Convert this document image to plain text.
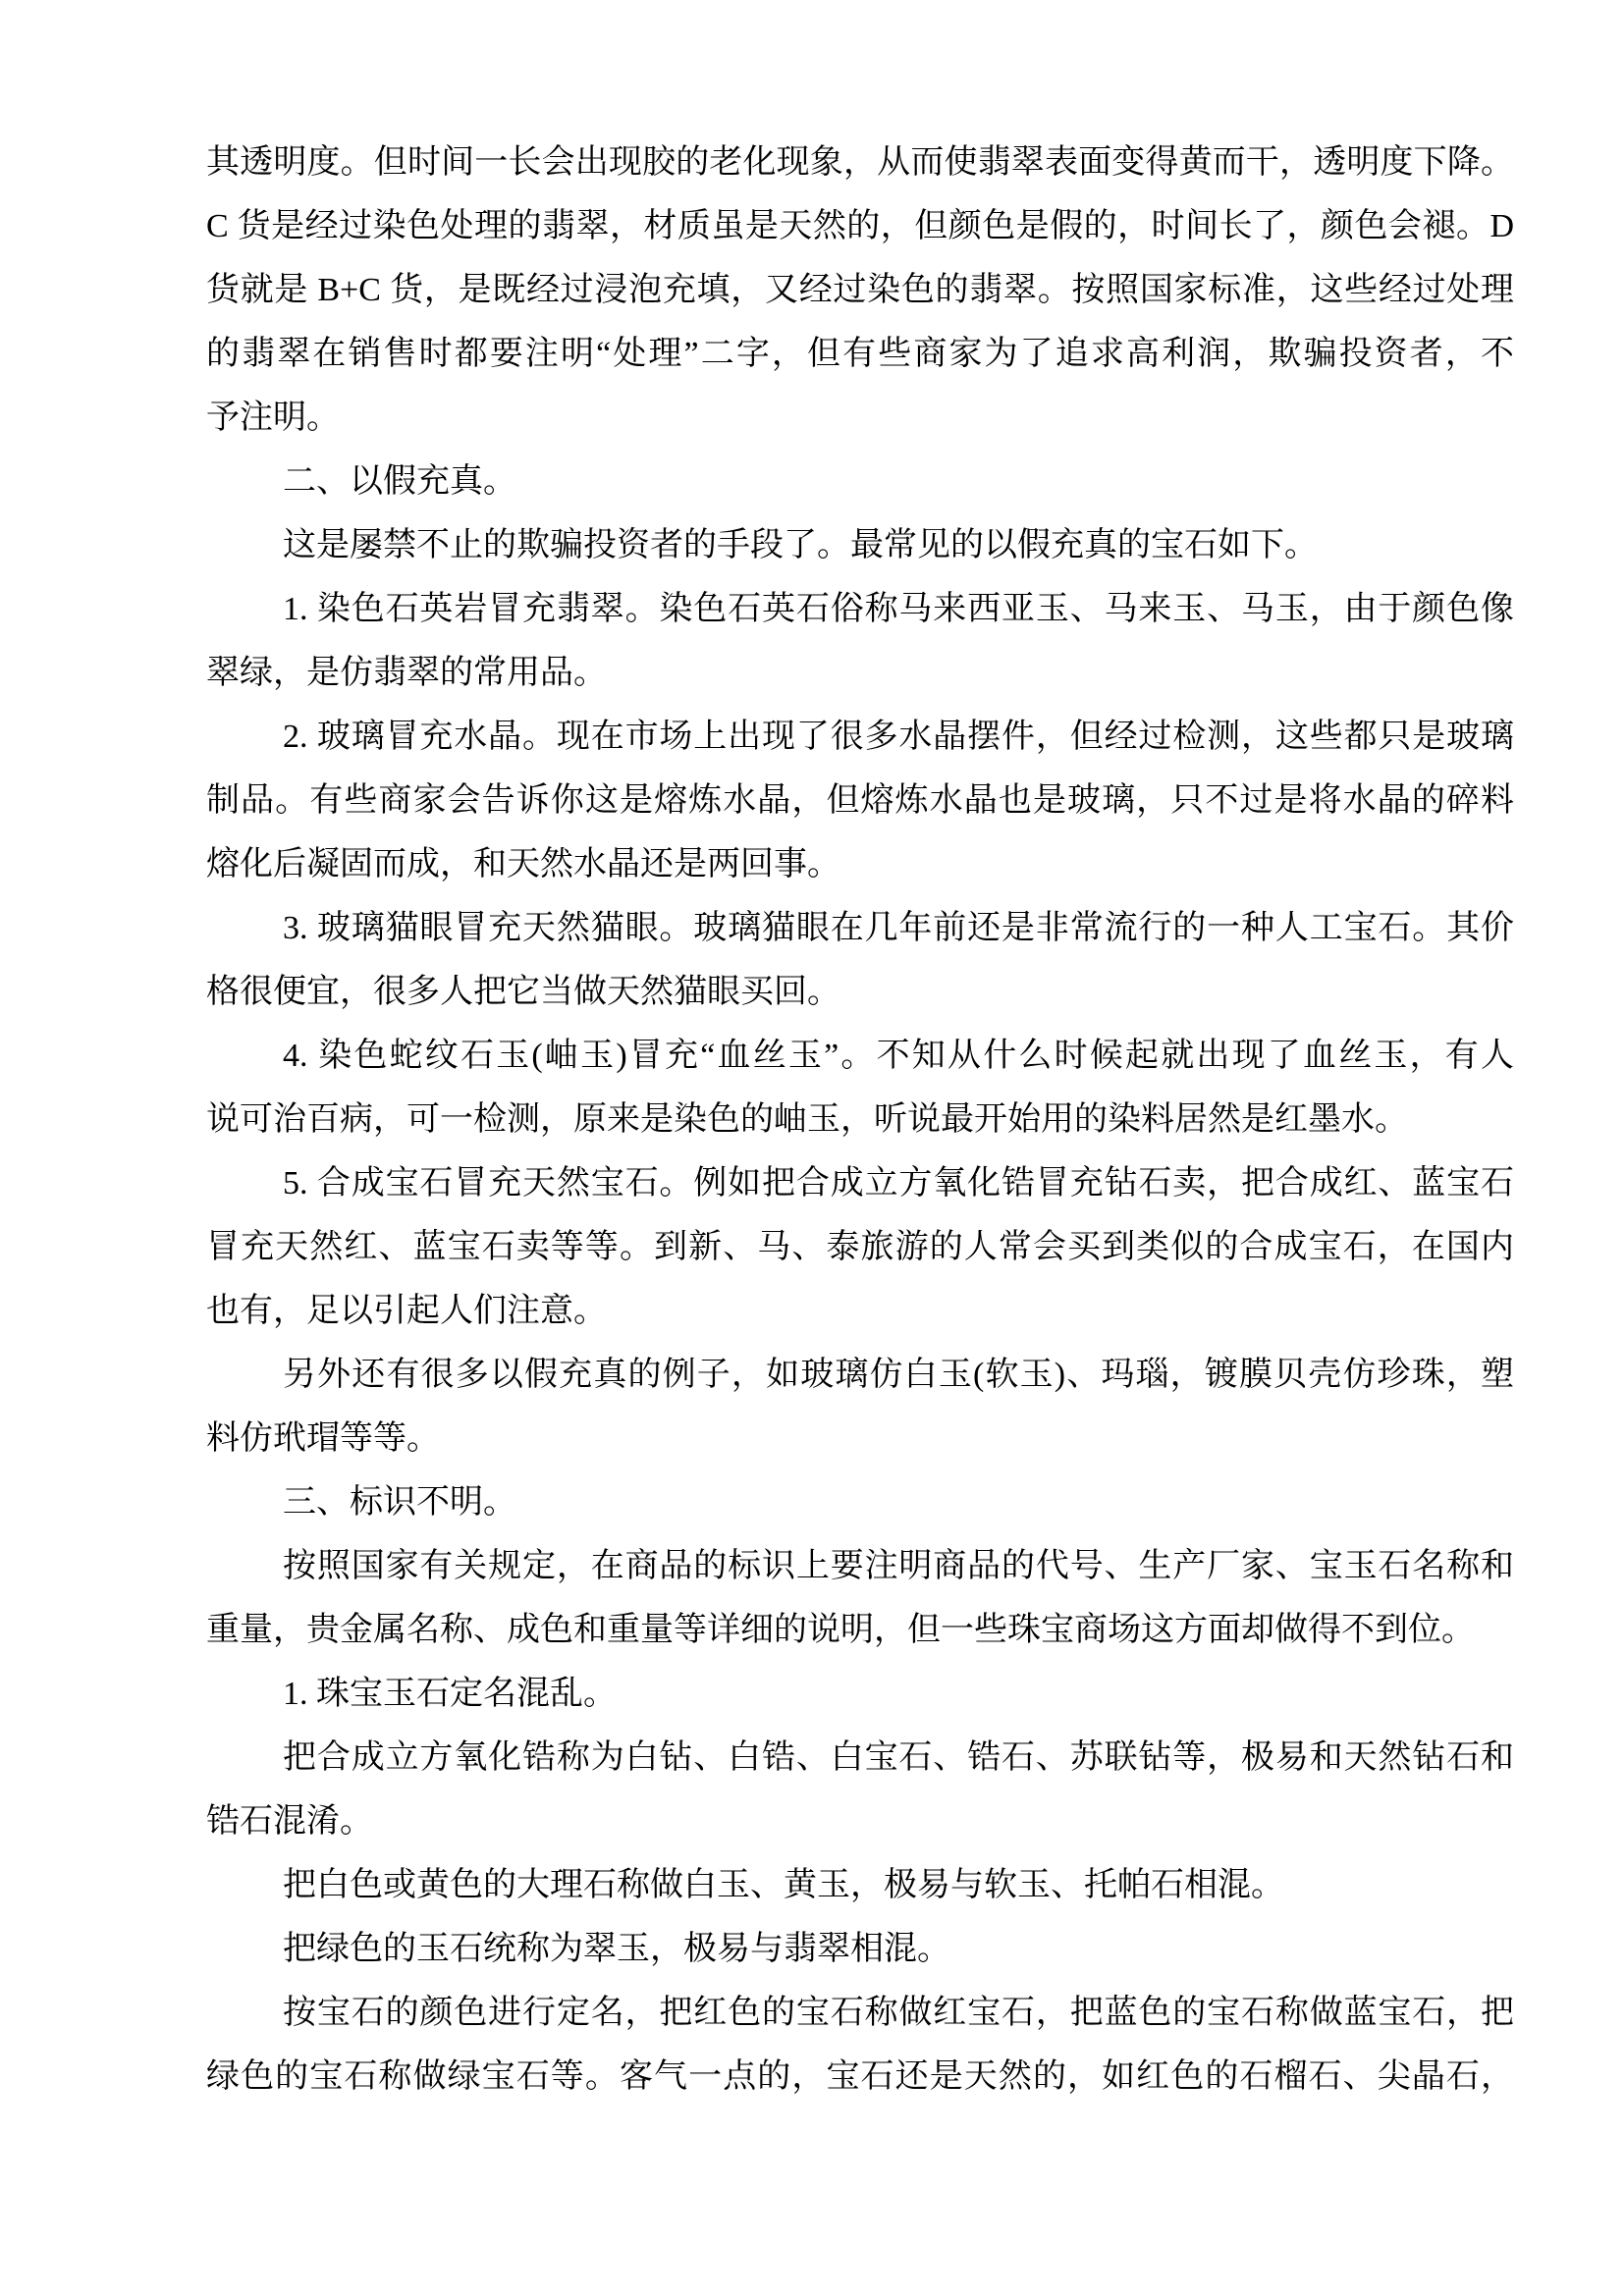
其透明度。但时间一长会出现胶的老化现象，从而使翡翠表面变得黄而干，透明度下降。
C 货是经过染色处理的翡翠，材质虽是天然的，但颜色是假的，时间长了，颜色会褪。D
货就是 B+C 货，是既经过浸泡充填，又经过染色的翡翠。按照国家标准，这些经过处理
的翡翠在销售时都要注明“处理”二字，但有些商家为了追求高利润，欺骗投资者，不
予注明。
二、以假充真。
这是屡禁不止的欺骗投资者的手段了。最常见的以假充真的宝石如下。
1. 染色石英岩冒充翡翠。染色石英石俗称马来西亚玉、马来玉、马玉，由于颜色像
翠绿，是仿翡翠的常用品。
2. 玻璃冒充水晶。现在市场上出现了很多水晶摆件，但经过检测，这些都只是玻璃
制品。有些商家会告诉你这是熔炼水晶，但熔炼水晶也是玻璃，只不过是将水晶的碎料
熔化后凝固而成，和天然水晶还是两回事。
3. 玻璃猫眼冒充天然猫眼。玻璃猫眼在几年前还是非常流行的一种人工宝石。其价
格很便宜，很多人把它当做天然猫眼买回。
4. 染色蛇纹石玉(岫玉)冒充“血丝玉”。不知从什么时候起就出现了血丝玉，有人
说可治百病，可一检测，原来是染色的岫玉，听说最开始用的染料居然是红墨水。
5. 合成宝石冒充天然宝石。例如把合成立方氧化锆冒充钻石卖，把合成红、蓝宝石
冒充天然红、蓝宝石卖等等。到新、马、泰旅游的人常会买到类似的合成宝石，在国内
也有，足以引起人们注意。
另外还有很多以假充真的例子，如玻璃仿白玉(软玉)、玛瑙，镀膜贝壳仿珍珠，塑
料仿玳瑁等等。
三、标识不明。
按照国家有关规定，在商品的标识上要注明商品的代号、生产厂家、宝玉石名称和
重量，贵金属名称、成色和重量等详细的说明，但一些珠宝商场这方面却做得不到位。
1. 珠宝玉石定名混乱。
把合成立方氧化锆称为白钻、白锆、白宝石、锆石、苏联钻等，极易和天然钻石和
锆石混淆。
把白色或黄色的大理石称做白玉、黄玉，极易与软玉、托帕石相混。
把绿色的玉石统称为翠玉，极易与翡翠相混。
按宝石的颜色进行定名，把红色的宝石称做红宝石，把蓝色的宝石称做蓝宝石，把
绿色的宝石称做绿宝石等。客气一点的，宝石还是天然的，如红色的石榴石、尖晶石，
